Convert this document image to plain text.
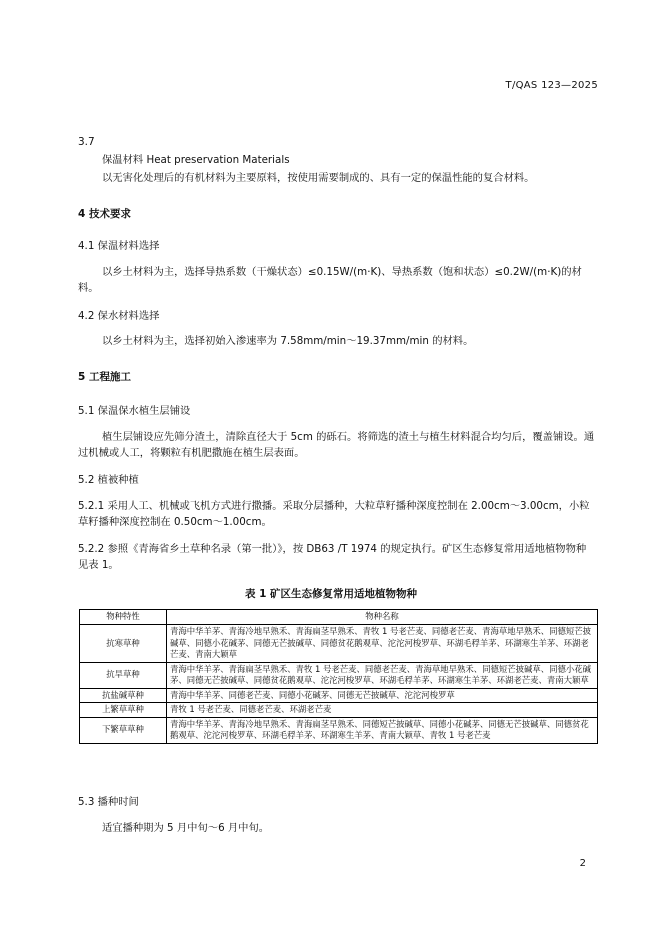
T/QAS 123—2025
3.7
保温材料 Heat preservation Materials
以无害化处理后的有机材料为主要原料，按使用需要制成的、具有一定的保温性能的复合材料。
4 技术要求
4.1 保温材料选择
以乡土材料为主，选择导热系数（干燥状态）≤0.15W/(m·K)、导热系数（饱和状态）≤0.2W/(m·K)的材料。
4.2 保水材料选择
以乡土材料为主，选择初始入渗速率为 7.58mm/min～19.37mm/min 的材料。
5 工程施工
5.1 保温保水植生层铺设
植生层铺设应先筛分渣土，清除直径大于 5cm 的砾石。将筛选的渣土与植生材料混合均匀后，覆盖铺设。通过机械或人工，将颗粒有机肥撒施在植生层表面。
5.2 植被种植
5.2.1 采用人工、机械或飞机方式进行撒播。采取分层播种，大粒草籽播种深度控制在 2.00cm～3.00cm，小粒草籽播种深度控制在 0.50cm～1.00cm。
5.2.2 参照《青海省乡土草种名录（第一批）》，按 DB63 /T 1974 的规定执行。矿区生态修复常用适地植物物种见表 1。
表 1 矿区生态修复常用适地植物物种
物种特性	物种名称
抗寒草种	青海中华羊茅、青海冷地早熟禾、青海扁茎早熟禾、青牧 1 号老芒麦、同德老芒麦、青海草地早熟禾、同德短芒披碱草、同德小花碱茅、同德无芒披碱草、同德贫花鹅观草、沱沱河梭罗草、环湖毛稃羊茅、环湖寒生羊茅、环湖老芒麦、青南大颖草
抗旱草种	青海中华羊茅、青海扁茎早熟禾、青牧 1 号老芒麦、同德老芒麦、青海草地早熟禾、同德短芒披碱草、同德小花碱茅、同德无芒披碱草、同德贫花鹅观草、沱沱河梭罗草、环湖毛稃羊茅、环湖寒生羊茅、环湖老芒麦、青南大颖草
抗盐碱草种	青海中华羊茅、同德老芒麦、同德小花碱茅、同德无芒披碱草、沱沱河梭罗草
上繁草草种	青牧 1 号老芒麦、同德老芒麦、环湖老芒麦
下繁草草种	青海中华羊茅、青海冷地早熟禾、青海扁茎早熟禾、同德短芒披碱草、同德小花碱茅、同德无芒披碱草、同德贫花鹅观草、沱沱河梭罗草、环湖毛稃羊茅、环湖寒生羊茅、青南大颖草、青牧 1 号老芒麦
5.3 播种时间
适宜播种期为 5 月中旬～6 月中旬。
2
